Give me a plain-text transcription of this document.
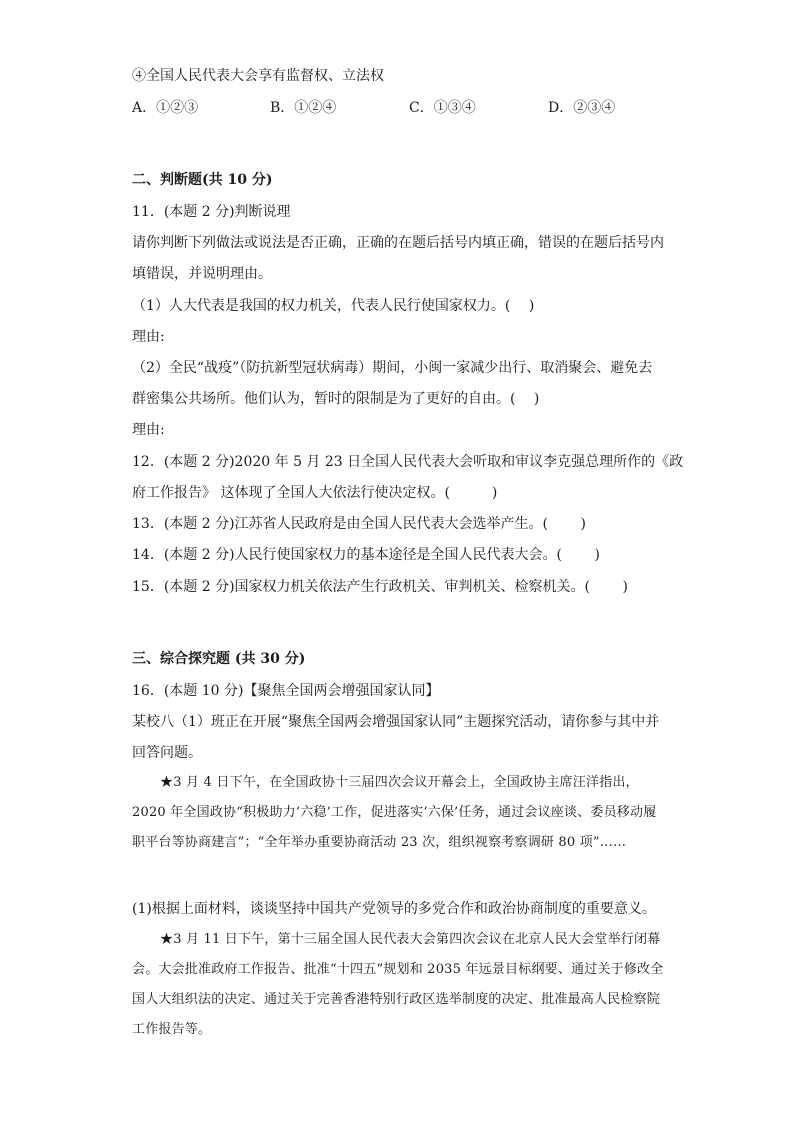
④全国人民代表大会享有监督权、立法权
A．①②③	B．①②④	C．①③④	D．②③④
二、判断题(共 10 分)
11．(本题 2 分)判断说理
请你判断下列做法或说法是否正确，正确的在题后括号内填正确，错误的在题后括号内
填错误，并说明理由。
（1）人大代表是我国的权力机关，代表人民行使国家权力。(　 )
理由:
（2）全民“战疫”（防抗新型冠状病毒）期间，小闽一家减少出行、取消聚会、避免去
群密集公共场所。他们认为，暂时的限制是为了更好的自由。(　 )
理由:
12．(本题 2 分)2020 年 5 月 23 日全国人民代表大会听取和审议李克强总理所作的《政
府工作报告》 这体现了全国人大依法行使决定权。(　　　)
13．(本题 2 分)江苏省人民政府是由全国人民代表大会选举产生。(　　 )
14．(本题 2 分)人民行使国家权力的基本途径是全国人民代表大会。(　　 )
15．(本题 2 分)国家权力机关依法产生行政机关、审判机关、检察机关。(　　 )
三、综合探究题 (共 30 分)
16．(本题 10 分)【聚焦全国两会增强国家认同】
某校八（1）班正在开展“聚焦全国两会增强国家认同”主题探究活动，请你参与其中并
回答问题。
★3 月 4 日下午，在全国政协十三届四次会议开幕会上，全国政协主席汪洋指出，2020 年全国政协“积极助力‘六稳’工作，促进落实‘六保’任务，通过会议座谈、委员移动履职平台等协商建言”；“全年举办重要协商活动 23 次，组织视察考察调研 80 项”……
(1)根据上面材料，谈谈坚持中国共产党领导的多党合作和政治协商制度的重要意义。
★3 月 11 日下午，第十三届全国人民代表大会第四次会议在北京人民大会堂举行闭幕会。大会批准政府工作报告、批准“十四五”规划和 2035 年远景目标纲要、通过关于修改全国人大组织法的决定、通过关于完善香港特别行政区选举制度的决定、批准最高人民检察院工作报告等。
